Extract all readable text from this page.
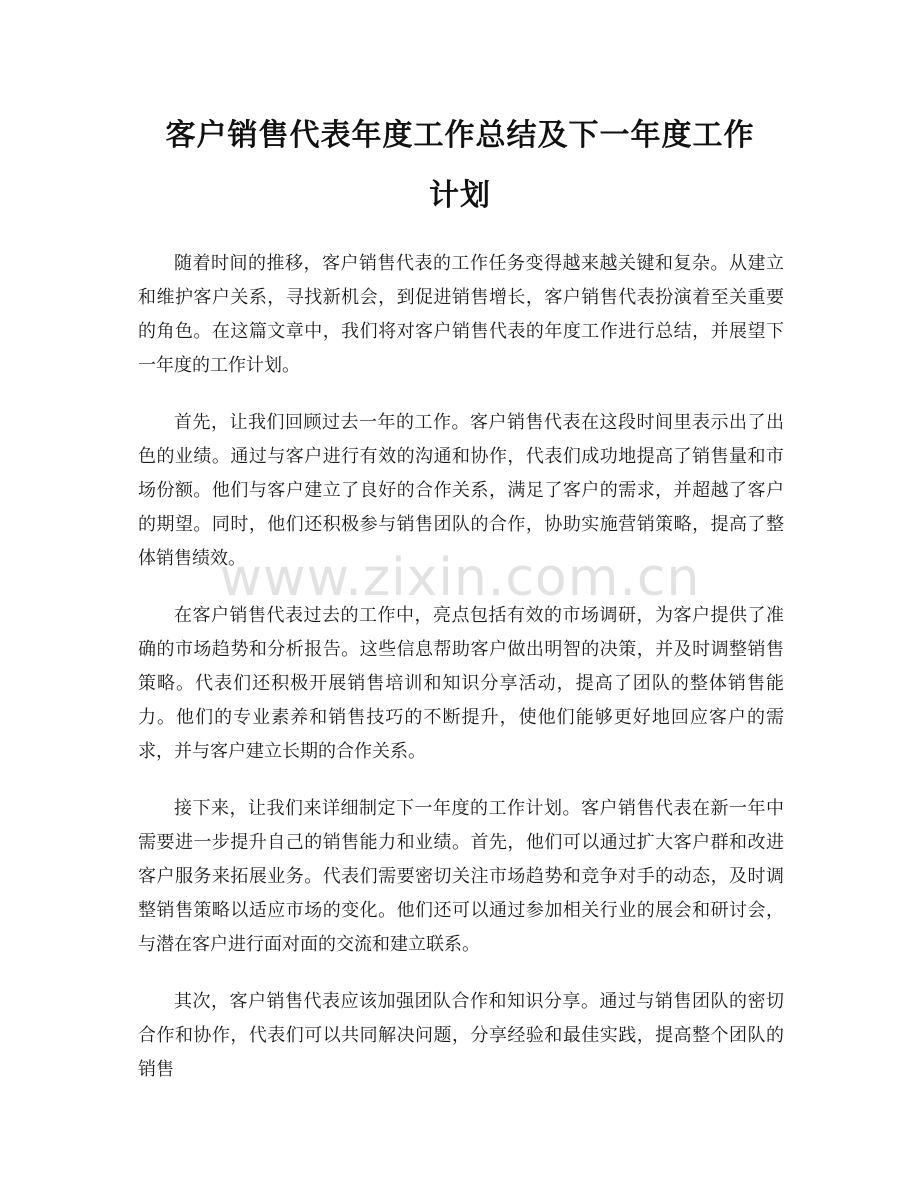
客户销售代表年度工作总结及下一年度工作
计划

随着时间的推移，客户销售代表的工作任务变得越来越关键和复杂。从建立和维护客户关系，寻找新机会，到促进销售增长，客户销售代表扮演着至关重要的角色。在这篇文章中，我们将对客户销售代表的年度工作进行总结，并展望下一年度的工作计划。

首先，让我们回顾过去一年的工作。客户销售代表在这段时间里表示出了出色的业绩。通过与客户进行有效的沟通和协作，代表们成功地提高了销售量和市场份额。他们与客户建立了良好的合作关系，满足了客户的需求，并超越了客户的期望。同时，他们还积极参与销售团队的合作，协助实施营销策略，提高了整体销售绩效。

在客户销售代表过去的工作中，亮点包括有效的市场调研，为客户提供了准确的市场趋势和分析报告。这些信息帮助客户做出明智的决策，并及时调整销售策略。代表们还积极开展销售培训和知识分享活动，提高了团队的整体销售能力。他们的专业素养和销售技巧的不断提升，使他们能够更好地回应客户的需求，并与客户建立长期的合作关系。

接下来，让我们来详细制定下一年度的工作计划。客户销售代表在新一年中需要进一步提升自己的销售能力和业绩。首先，他们可以通过扩大客户群和改进客户服务来拓展业务。代表们需要密切关注市场趋势和竞争对手的动态，及时调整销售策略以适应市场的变化。他们还可以通过参加相关行业的展会和研讨会，与潜在客户进行面对面的交流和建立联系。

其次，客户销售代表应该加强团队合作和知识分享。通过与销售团队的密切合作和协作，代表们可以共同解决问题，分享经验和最佳实践，提高整个团队的销售

www.zixin.com.cn
